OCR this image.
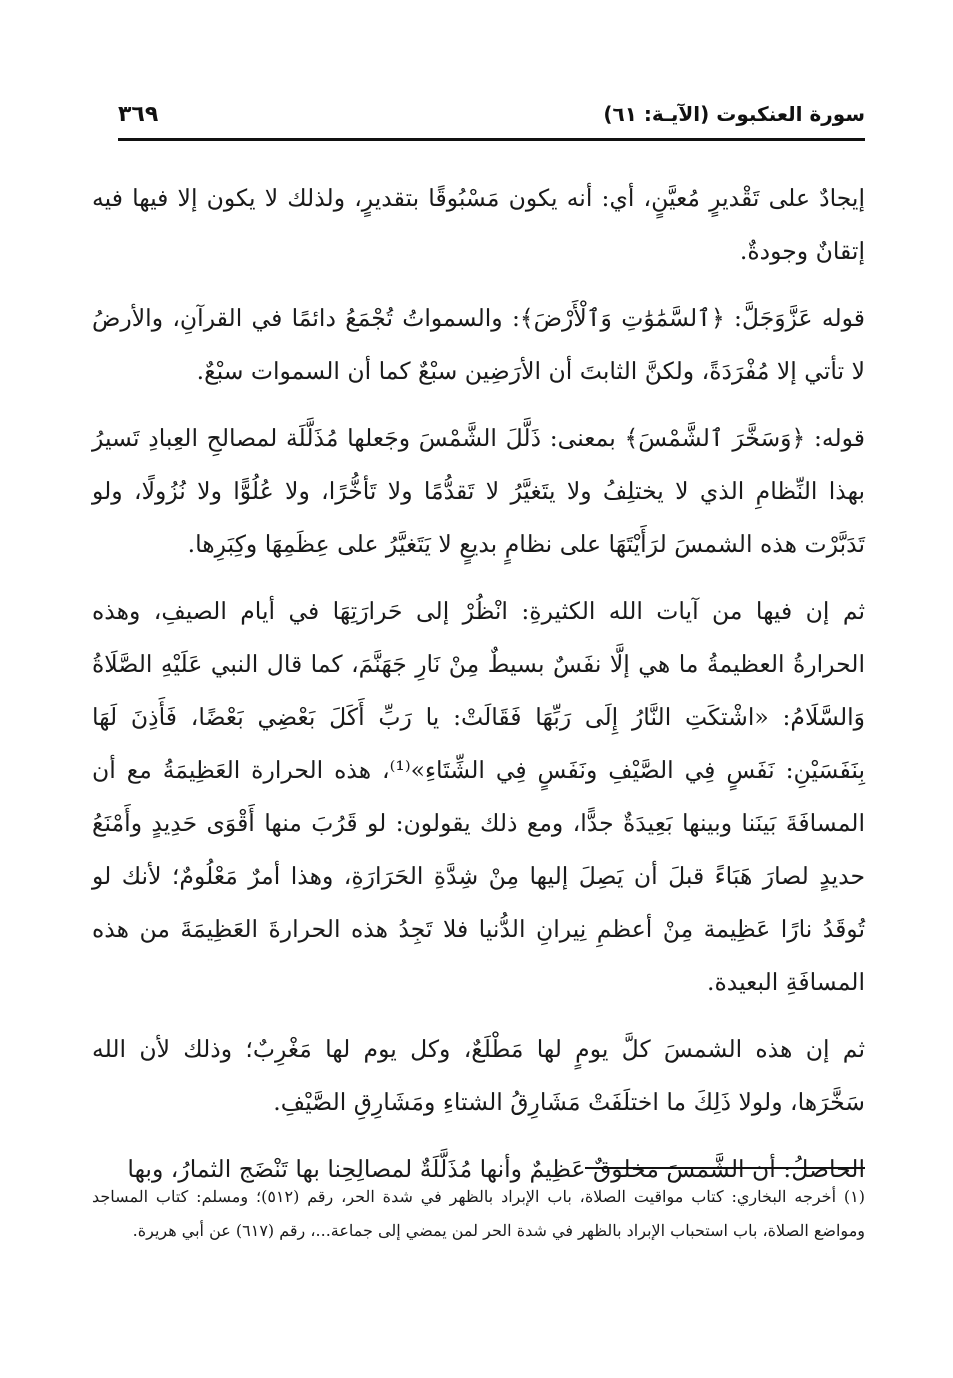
سورة العنكبوت (الآيـة: ٦١)
٣٦٩

إيجادٌ على تَقْديرٍ مُعيَّنٍ، أي: أنه يكون مَسْبُوقًا بتقديرٍ، ولذلك لا يكون إلا فيها فيه إتقانٌ وجودةٌ.

قوله عَزَّوَجَلَّ: ﴿ٱلسَّمَٰوَٰتِ وَٱلْأَرْضَ﴾: والسمواتُ تُجْمَعُ دائمًا في القرآنِ، والأرضُ لا تأتي إلا مُفْرَدَةً، ولكنَّ الثابتَ أن الأرَضِين سبْعٌ كما أن السموات سبْعٌ.

قوله: ﴿وَسَخَّرَ ٱلشَّمْسَ﴾ بمعنى: ذَلَّلَ الشَّمْسَ وجَعلها مُذَلَّلَة لمصالحِ العِبادِ تَسيرُ بهذا النِّظامِ الذي لا يختلِفُ ولا يتَغيَّرُ لا تَقدُّمًا ولا تَأخُّرًا، ولا عُلُوًّا ولا نُزُولًا، ولو تَدَبَّرْت هذه الشمسَ لرَأَيْتَهَا على نظامٍ بديعٍ لا يَتَغيَّرُ على عِظَمِهَا وكِبَرِها.

ثم إن فيها من آيات الله الكثيرةِ: انْظُرْ إلى حَرارَتِهَا في أيام الصيفِ، وهذه الحرارةُ العظيمةُ ما هي إلَّا نفَسٌ بسيطٌ مِنْ نَارِ جَهَنَّمَ، كما قال النبي عَلَيْهِ الصَّلَاةُ وَالسَّلَامُ: «اشْتكَتِ النَّارُ إِلَى رَبِّهَا فَقَالَتْ: يا رَبِّ أَكَلَ بَعْضِي بَعْضًا، فَأَذِنَ لَهَا بِنَفَسَيْنِ: نَفَسٍ فِي الصَّيْفِ ونَفَسٍ فِي الشِّتَاءِ»⁽¹⁾، هذه الحرارة العَظِيمَةُ مع أن المسافَةَ بَينَنا وبينها بَعِيدَةٌ جدًّا، ومع ذلك يقولون: لو قَرُبَ منها أَقْوَى حَدِيدٍ وأَمْنَعُ حديدٍ لصارَ هَبَاءً قبلَ أن يَصِلَ إليها مِنْ شِدَّةِ الحَرَارَةِ، وهذا أمرٌ مَعْلُومٌ؛ لأنك لو تُوقَدُ نارًا عَظِيمة مِنْ أعظمِ نِيرانِ الدُّنيا فلا تَجِدُ هذه الحرارةَ العَظِيمَةَ من هذه المسافَةِ البعيدة.

ثم إن هذه الشمسَ كلَّ يومٍ لها مَطْلَعٌ، وكل يوم لها مَغْرِبٌ؛ وذلك لأن الله سَخَّرَها، ولولا ذَلِكَ ما اختلَفَتْ مَشَارِقُ الشتاءِ ومَشَارِقِ الصَّيْفِ.

الحاصلُ: أن الشَّمسَ مخلوقٌ عَظِيمٌ وأنها مُذَلَّلَةٌ لمصالِحِنا بها تَنْضَج الثمارُ، وبها

(١) أخرجه البخاري: كتاب مواقيت الصلاة، باب الإبراد بالظهر في شدة الحر، رقم (٥١٢)؛ ومسلم: كتاب المساجد ومواضع الصلاة، باب استحباب الإبراد بالظهر في شدة الحر لمن يمضي إلى جماعة...، رقم (٦١٧) عن أبي هريرة.
